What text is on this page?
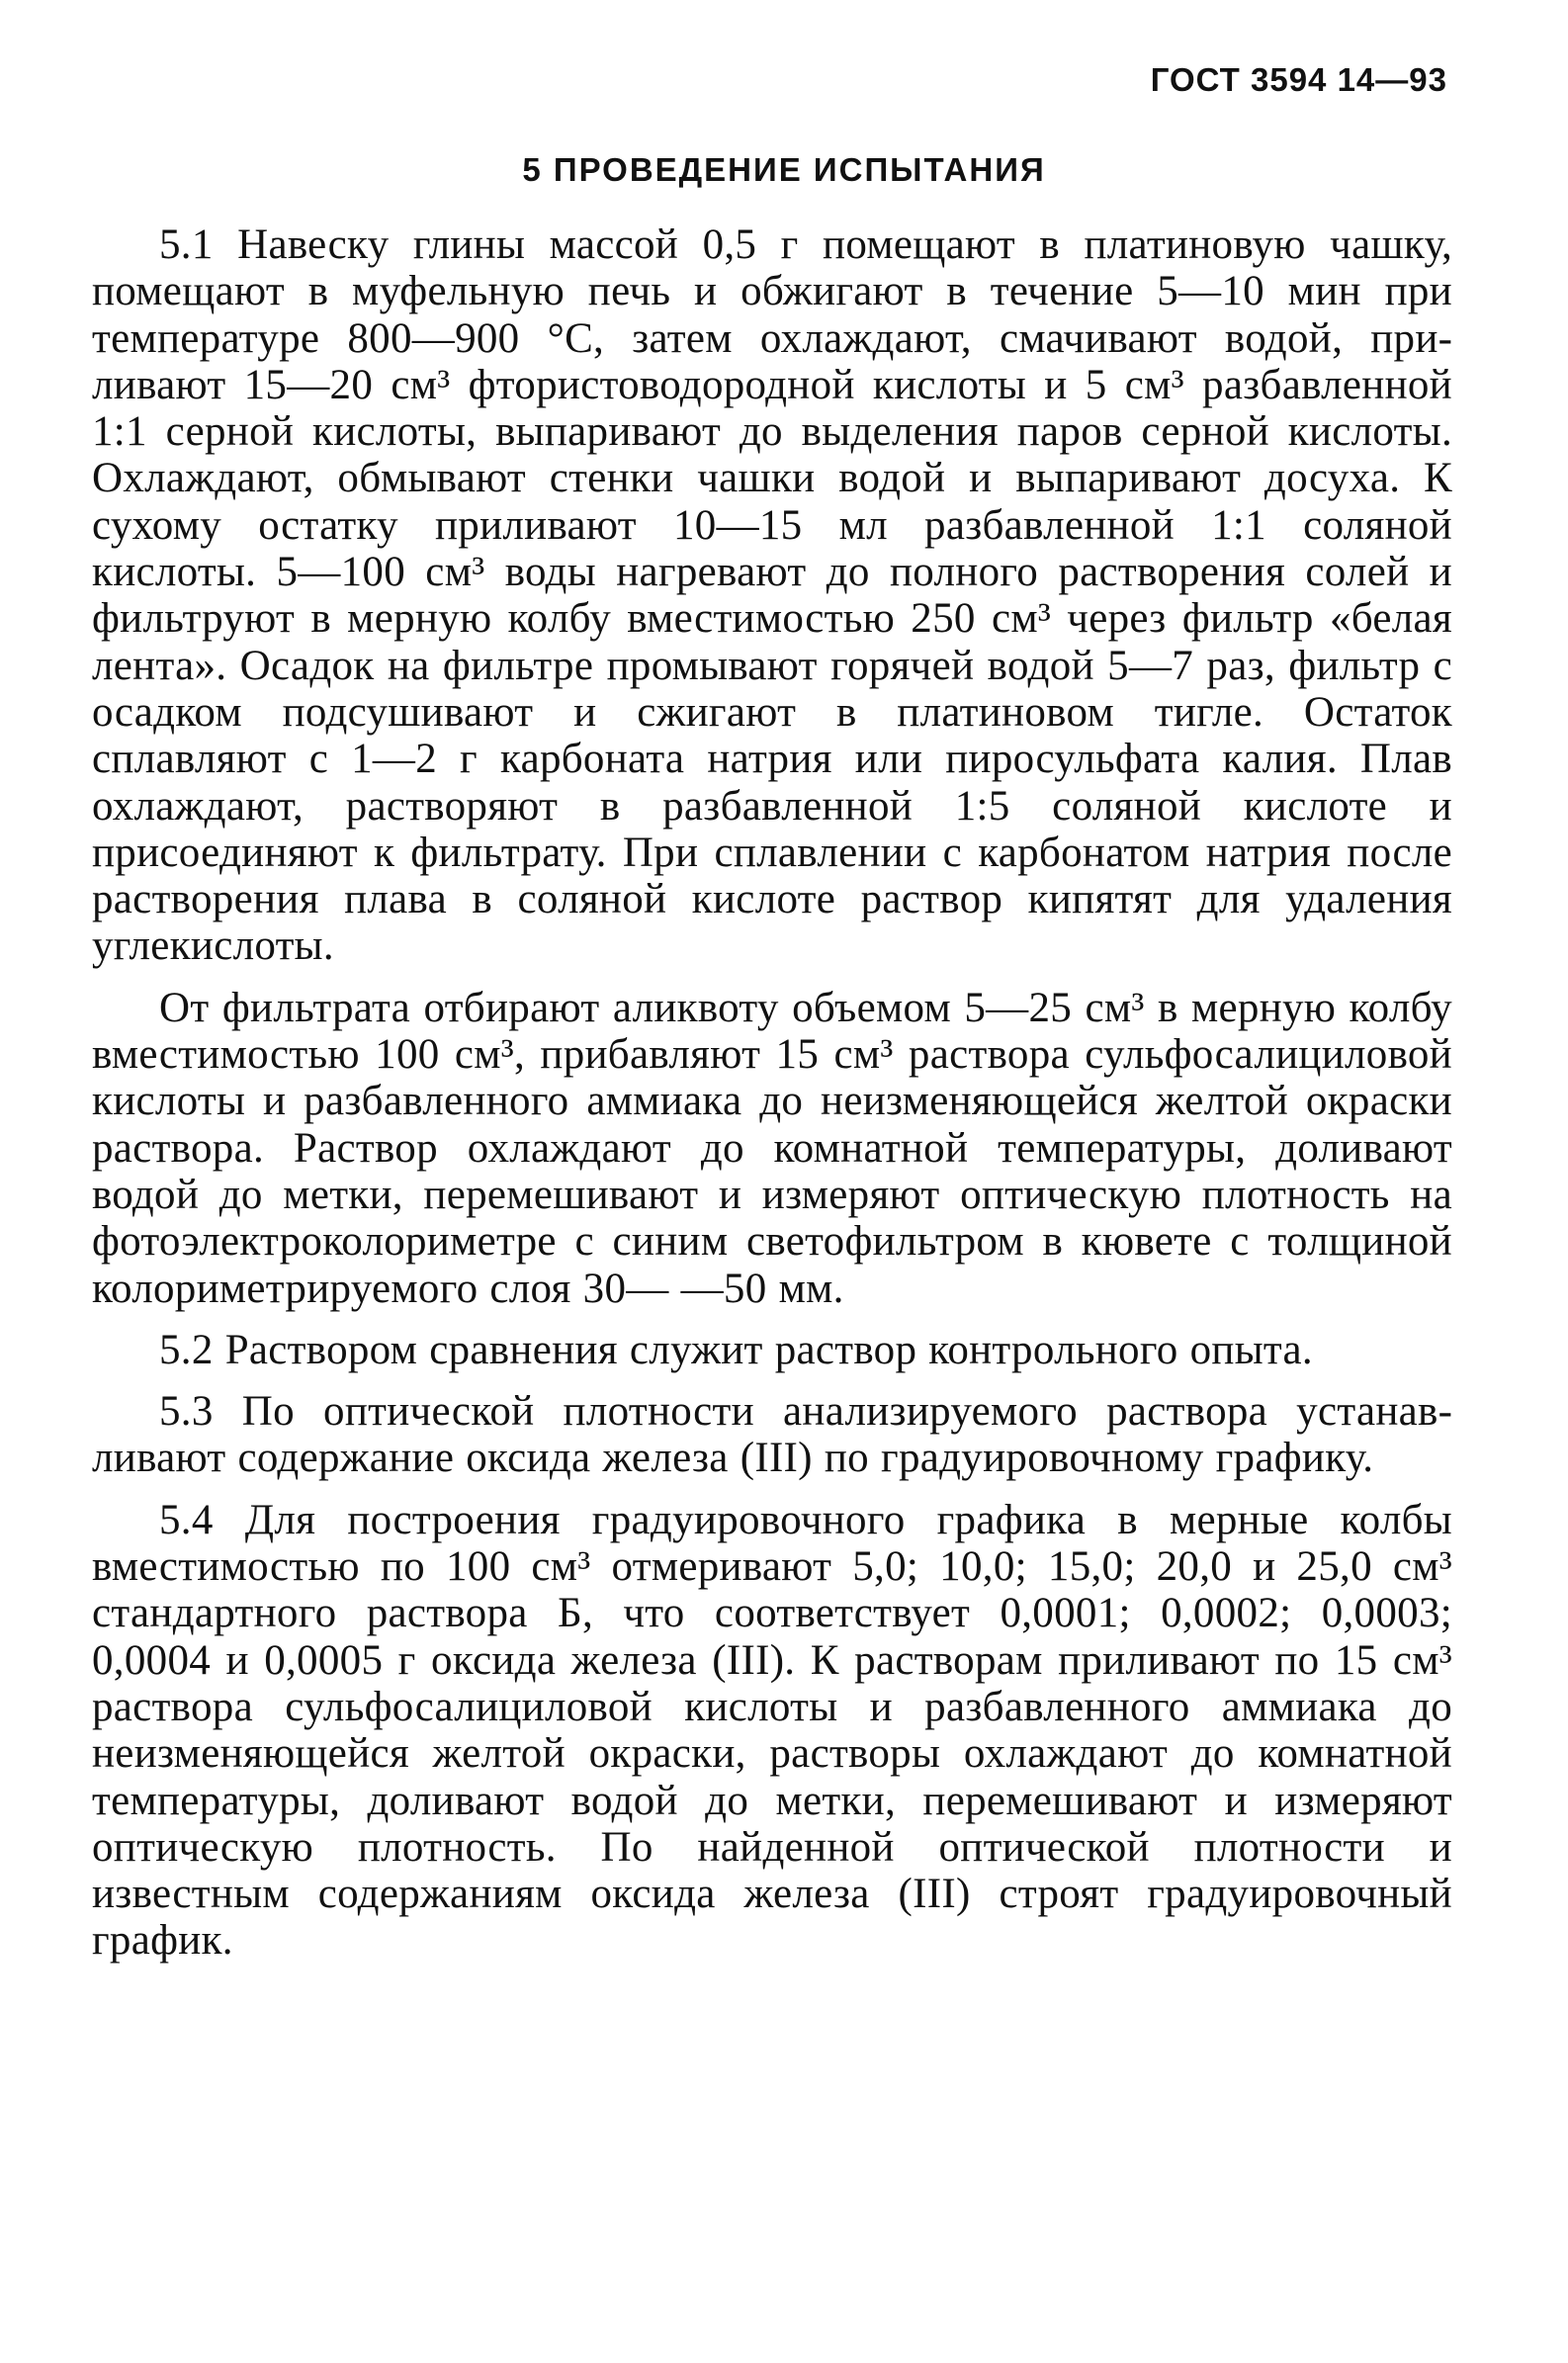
ГОСТ 3594 14—93
5 ПРОВЕДЕНИЕ ИСПЫТАНИЯ

5.1 Навеску глины массой 0,5 г помещают в платиновую чашку, помещают в муфельную печь и обжигают в течение 5—10 мин при температуре 800—900 °С, затем охлаждают, смачивают водой, приливают 15—20 см³ фтористоводородной кислоты и 5 см³ разбавленной 1:1 серной кислоты, выпаривают до выделения паров серной кислоты. Охлаждают, обмывают стенки чашки водой и выпаривают досуха. К сухому остатку приливают 10—15 мл разбавленной 1:1 соляной кислоты. 5—100 см³ воды нагревают до полного растворения солей и фильтруют в мерную колбу вместимостью 250 см³ через фильтр «белая лента». Осадок на фильтре промывают горячей водой 5—7 раз, фильтр с осадком подсушивают и сжигают в платиновом тигле. Остаток сплавляют с 1—2 г карбоната натрия или пиросульфата калия. Плав охлаждают, растворяют в разбавленной 1:5 соляной кислоте и присоединяют к фильтрату. При сплавлении с карбонатом натрия после растворения плава в соляной кислоте раствор кипятят для удаления углекислоты.

От фильтрата отбирают аликвоту объемом 5—25 см³ в мерную колбу вместимостью 100 см³, прибавляют 15 см³ раствора сульфосалициловой кислоты и разбавленного аммиака до неизменяющейся желтой окраски раствора. Раствор охлаждают до комнатной температуры, доливают водой до метки, перемешивают и измеряют оптическую плотность на фотоэлектроколориметре с синим светофильтром в кювете с толщиной колориметрируемого слоя 30— —50 мм.

5.2 Раствором сравнения служит раствор контрольного опыта.

5.3 По оптической плотности анализируемого раствора устанавливают содержание оксида железа (III) по градуировочному графику.

5.4 Для построения градуировочного графика в мерные колбы вместимостью по 100 см³ отмеривают 5,0; 10,0; 15,0; 20,0 и 25,0 см³ стандартного раствора Б, что соответствует 0,0001; 0,0002; 0,0003; 0,0004 и 0,0005 г оксида железа (III). К растворам приливают по 15 см³ раствора сульфосалициловой кислоты и разбавленного аммиака до неизменяющейся желтой окраски, растворы охлаждают до комнатной температуры, доливают водой до метки, перемешивают и измеряют оптическую плотность. По найденной оптической плотности и известным содержаниям оксида железа (III) строят градуировочный график.
